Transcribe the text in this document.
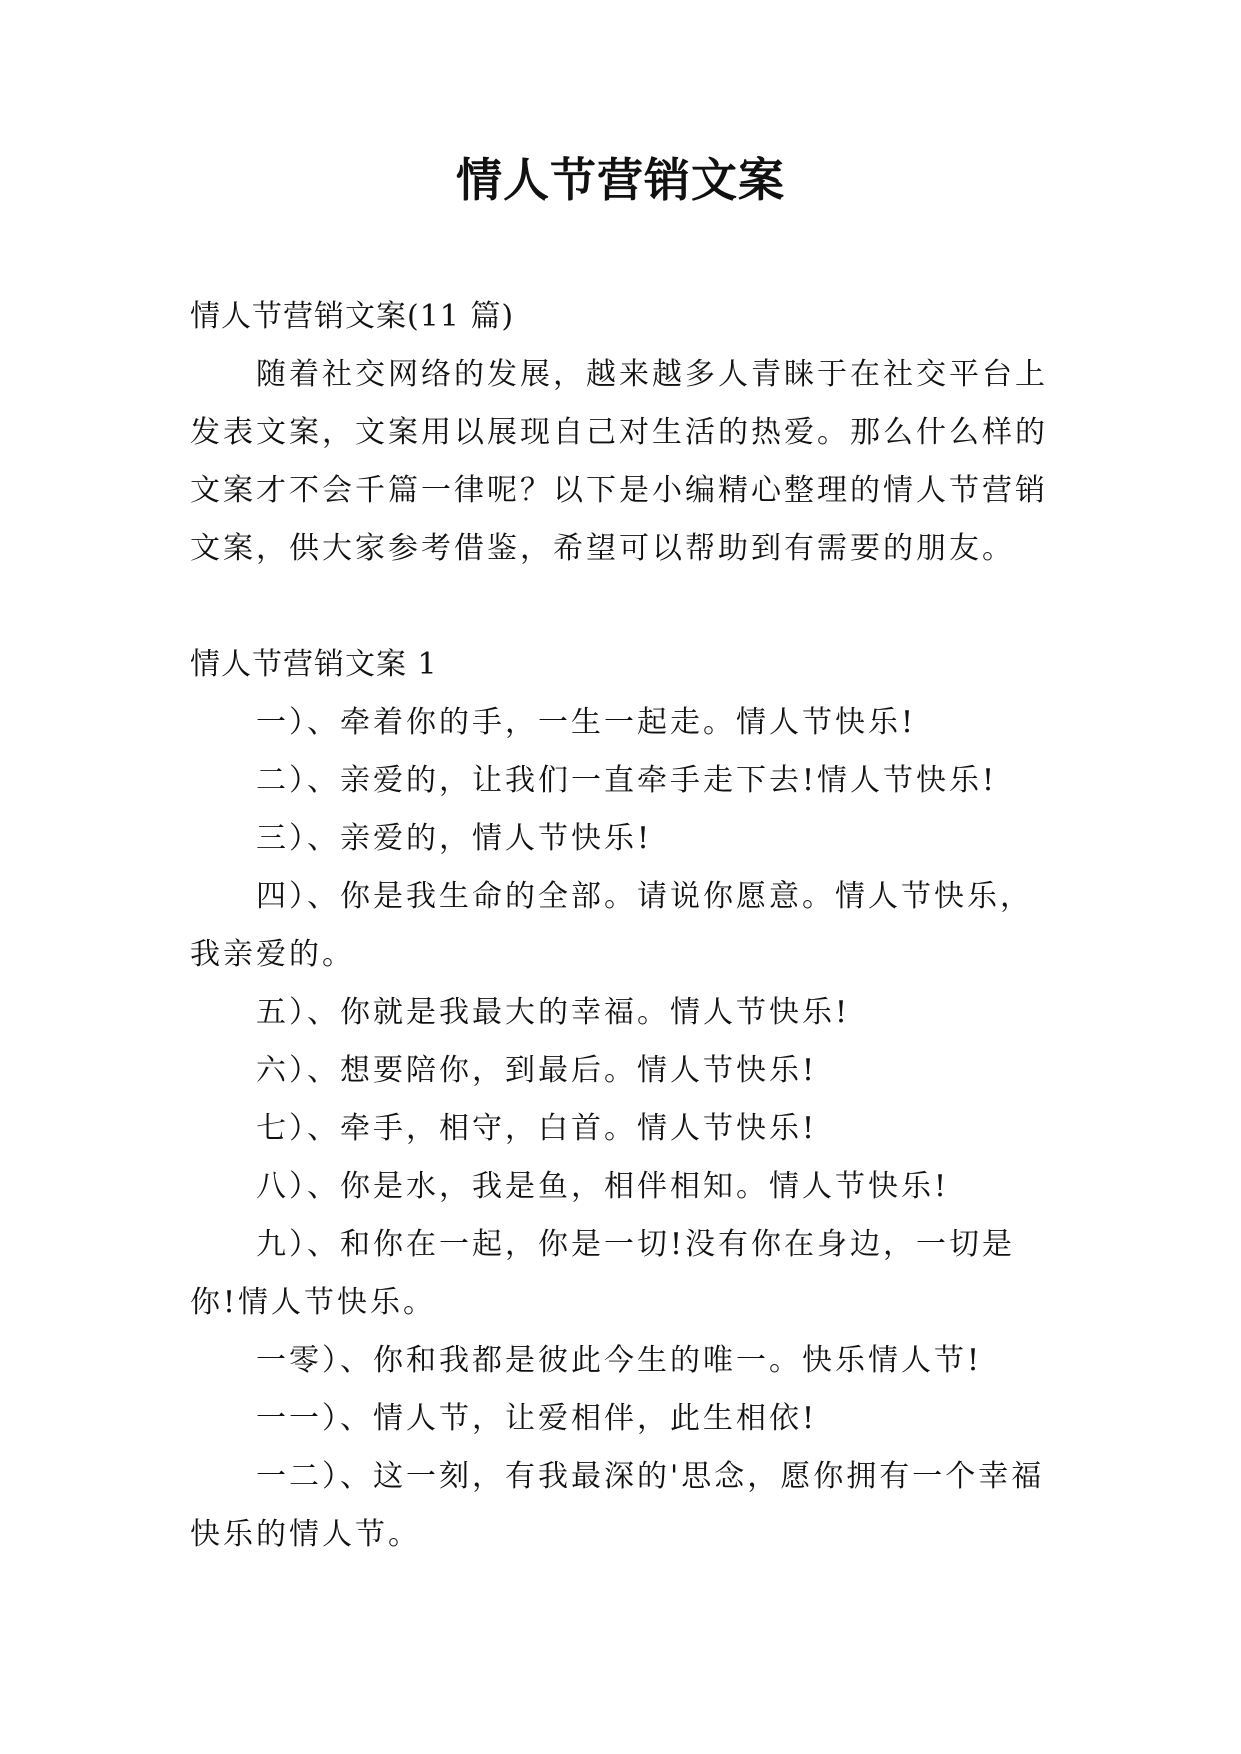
情人节营销文案

情人节营销文案(11 篇)

随着社交网络的发展，越来越多人青睐于在社交平台上发表文案，文案用以展现自己对生活的热爱。那么什么样的文案才不会千篇一律呢？以下是小编精心整理的情人节营销文案，供大家参考借鉴，希望可以帮助到有需要的朋友。

情人节营销文案 1

一）、牵着你的手，一生一起走。情人节快乐!

二）、亲爱的，让我们一直牵手走下去!情人节快乐!

三）、亲爱的，情人节快乐!

四）、你是我生命的全部。请说你愿意。情人节快乐，我亲爱的。

五）、你就是我最大的幸福。情人节快乐!

六）、想要陪你，到最后。情人节快乐!

七）、牵手，相守，白首。情人节快乐!

八）、你是水，我是鱼，相伴相知。情人节快乐!

九）、和你在一起，你是一切!没有你在身边，一切是你!情人节快乐。

一零）、你和我都是彼此今生的唯一。快乐情人节!

一一）、情人节，让爱相伴，此生相依!

一二）、这一刻，有我最深的'思念，愿你拥有一个幸福快乐的情人节。
